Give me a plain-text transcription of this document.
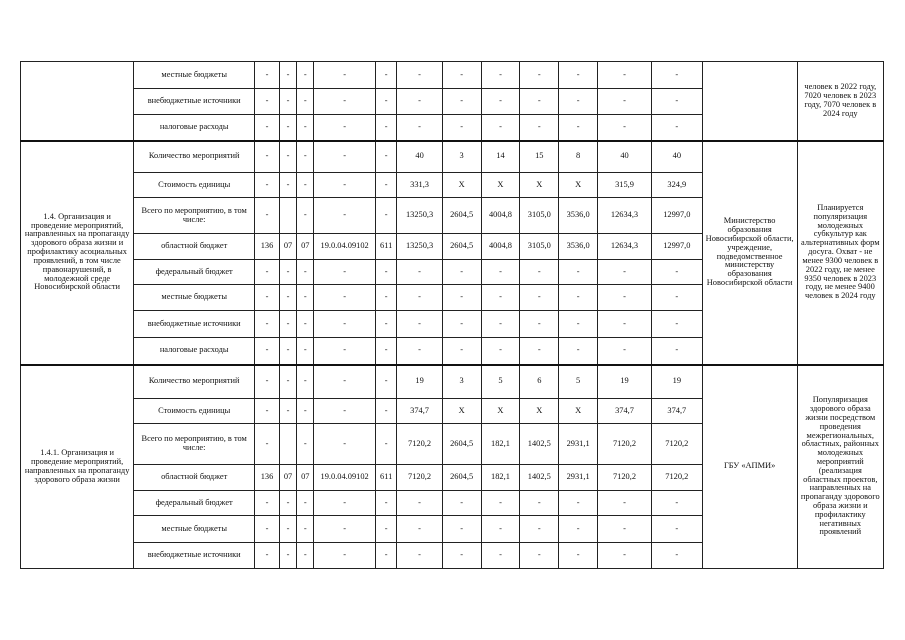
	местные бюджеты	-	-	-	-	-	-	-	-	-	-	-	-		человек в 2022 году, 7020 человек в 2023 году, 7070 человек в 2024 году
	внебюджетные источники	-	-	-	-	-	-	-	-	-	-	-	-		
	налоговые расходы	-	-	-	-	-	-	-	-	-	-	-	-		
1.4. Организация и проведение мероприятий, направленных на пропаганду здорового образа жизни и профилактику асоциальных проявлений, в том числе правонарушений, в молодежной среде Новосибирской области	Количество мероприятий	-	-	-	-	-	40	3	14	15	8	40	40	Министерство образования Новосибирской области, учреждение, подведомственное министерству образования Новосибирской области	Планируется популяризация молодежных субкультур как альтернативных форм досуга. Охват - не менее 9300 человек в 2022 году, не менее 9350 человек в 2023 году, не менее 9400 человек в 2024 году
	Стоимость единицы	-	-	-	-	-	331,3	Х	Х	Х	Х	315,9	324,9		
	Всего по мероприятию, в том числе:	-		-	-	-	13250,3	2604,5	4004,8	3105,0	3536,0	12634,3	12997,0		
	областной бюджет	136	07	07	19.0.04.09102	611	13250,3	2604,5	4004,8	3105,0	3536,0	12634,3	12997,0		
	федеральный бюджет	-	-	-	-	-	-	-	-	-	-	-	-		
	местные бюджеты	-	-	-	-	-	-	-	-	-	-	-	-		
	внебюджетные источники	-	-	-	-	-	-	-	-	-	-	-	-		
	налоговые расходы	-	-	-	-	-	-	-	-	-	-	-	-		
1.4.1. Организация и проведение мероприятий, направленных на пропаганду здорового образа жизни	Количество мероприятий	-	-	-	-	-	19	3	5	6	5	19	19	ГБУ «АПМИ»	Популяризация здорового образа жизни посредством проведения межрегиональных, областных, районных молодежных мероприятий (реализация областных проектов, направленных на пропаганду здорового образа жизни и профилактику негативных проявлений
	Стоимость единицы	-	-	-	-	-	374,7	Х	Х	Х	Х	374,7	374,7		
	Всего по мероприятию, в том числе:	-		-	-	-	7120,2	2604,5	182,1	1402,5	2931,1	7120,2	7120,2		
	областной бюджет	136	07	07	19.0.04.09102	611	7120,2	2604,5	182,1	1402,5	2931,1	7120,2	7120,2		
	федеральный бюджет	-	-	-	-	-	-	-	-	-	-	-	-		
	местные бюджеты	-	-	-	-	-	-	-	-	-	-	-	-		
	внебюджетные источники	-	-	-	-	-	-	-	-	-	-	-	-		
